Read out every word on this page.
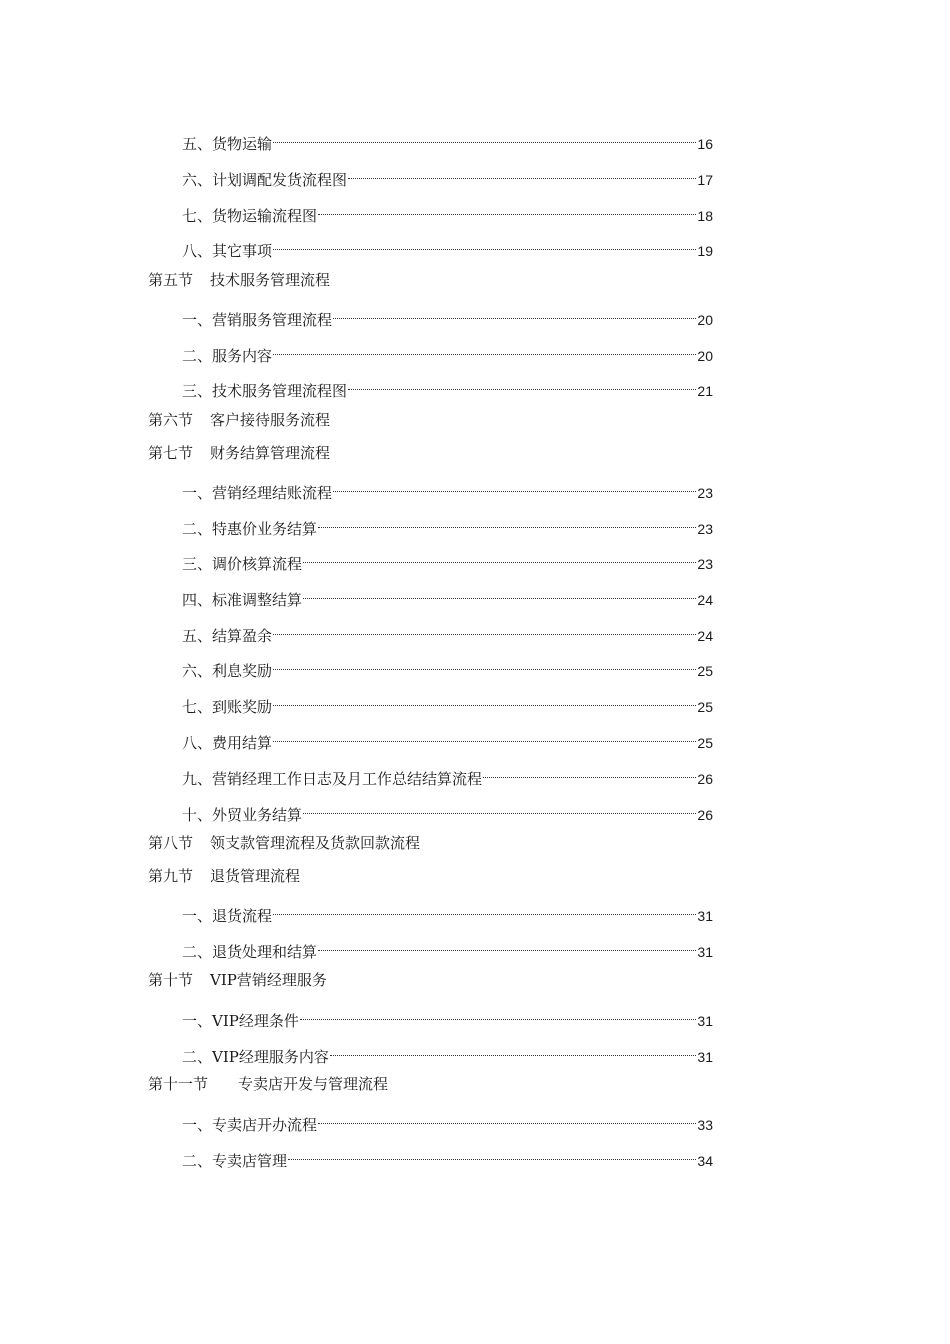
五、货物运输	16
六、计划调配发货流程图	17
七、货物运输流程图	18
八、其它事项	19
第五节 技术服务管理流程
一、营销服务管理流程	20
二、服务内容	20
三、技术服务管理流程图	21
第六节 客户接待服务流程
第七节 财务结算管理流程
一、营销经理结账流程	23
二、特惠价业务结算	23
三、调价核算流程	23
四、标准调整结算	24
五、结算盈余	24
六、利息奖励	25
七、到账奖励	25
八、费用结算	25
九、营销经理工作日志及月工作总结结算流程	26
十、外贸业务结算	26
第八节 领支款管理流程及货款回款流程
第九节 退货管理流程
一、退货流程	31
二、退货处理和结算	31
第十节 VIP营销经理服务
一、VIP经理条件	31
二、VIP经理服务内容	31
第十一节 专卖店开发与管理流程
一、专卖店开办流程	33
二、专卖店管理	34
